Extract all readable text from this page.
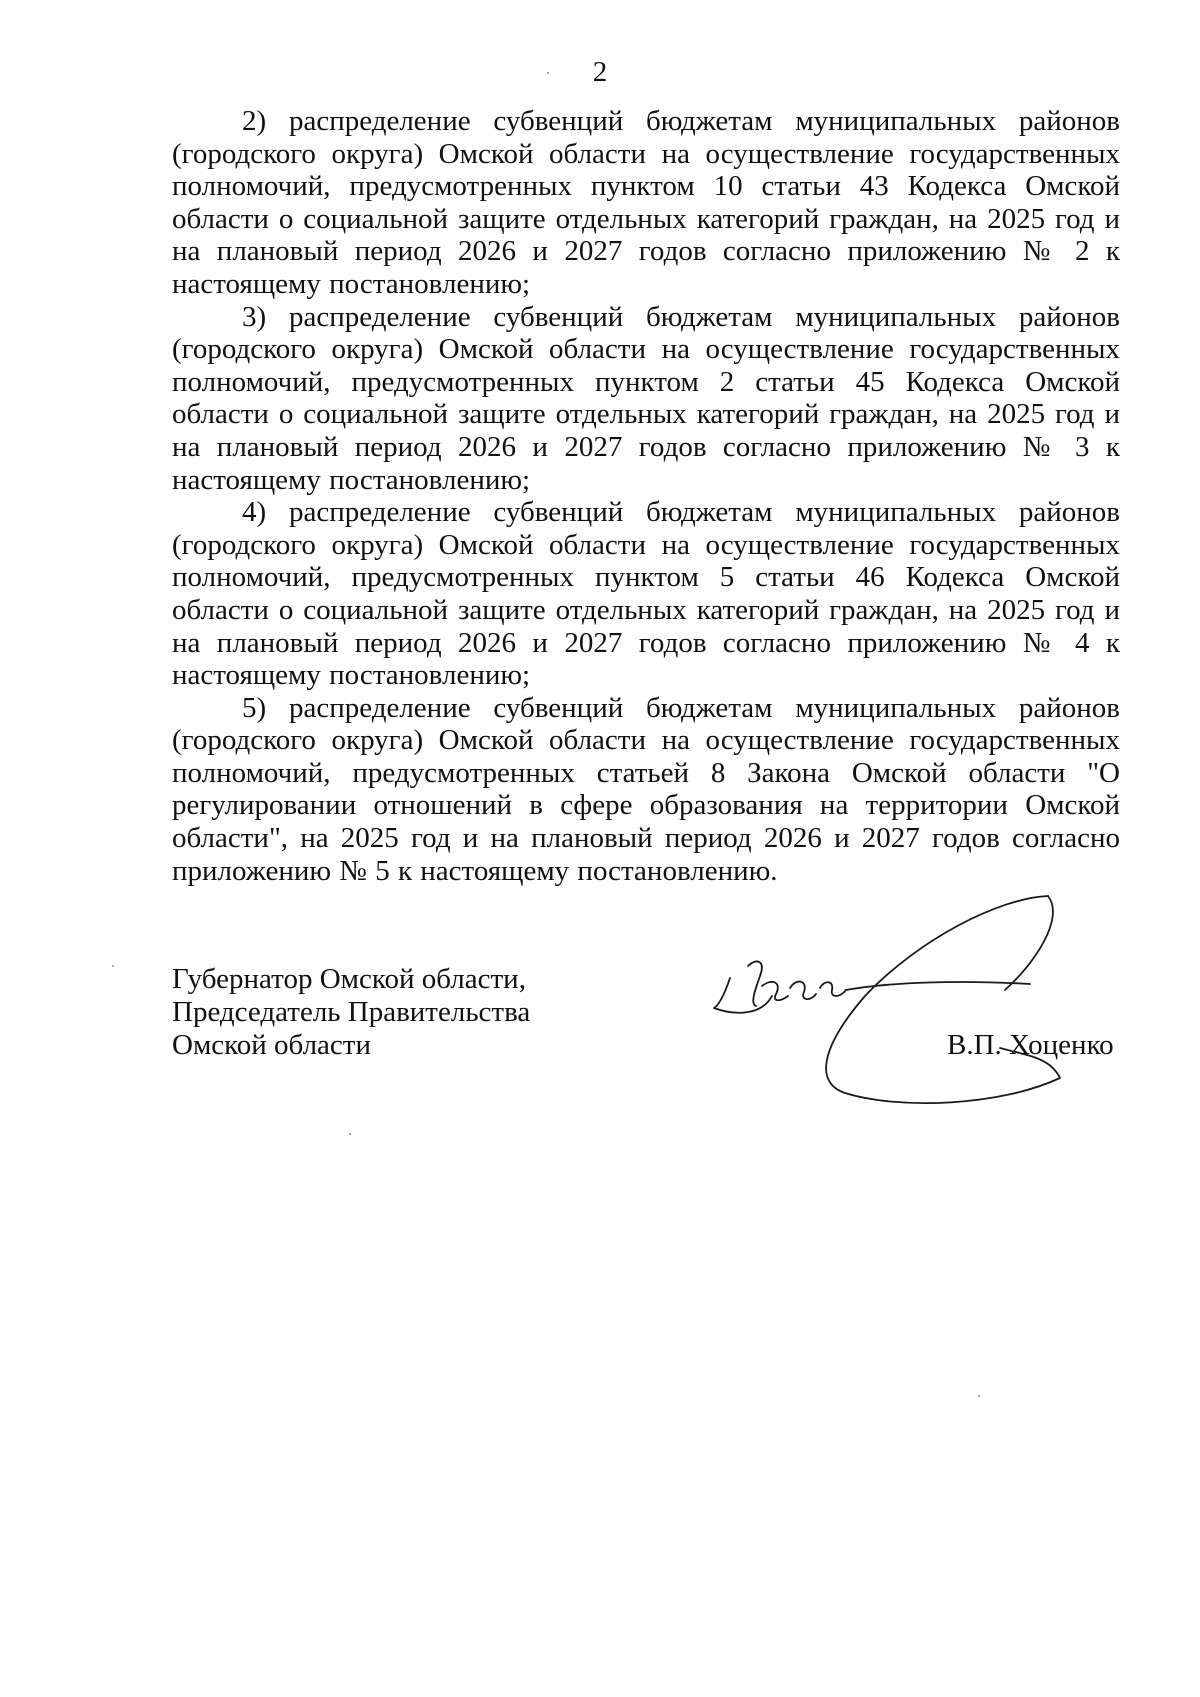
2

2) распределение субвенций бюджетам муниципальных районов (городского округа) Омской области на осуществление государственных полномочий, предусмотренных пунктом 10 статьи 43 Кодекса Омской области о социальной защите отдельных категорий граждан, на 2025 год и на плановый период 2026 и 2027 годов согласно приложению № 2 к настоящему постановлению;

3) распределение субвенций бюджетам муниципальных районов (городского округа) Омской области на осуществление государственных полномочий, предусмотренных пунктом 2 статьи 45 Кодекса Омской области о социальной защите отдельных категорий граждан, на 2025 год и на плановый период 2026 и 2027 годов согласно приложению № 3 к настоящему постановлению;

4) распределение субвенций бюджетам муниципальных районов (городского округа) Омской области на осуществление государственных полномочий, предусмотренных пунктом 5 статьи 46 Кодекса Омской области о социальной защите отдельных категорий граждан, на 2025 год и на плановый период 2026 и 2027 годов согласно приложению № 4 к настоящему постановлению;

5) распределение субвенций бюджетам муниципальных районов (городского округа) Омской области на осуществление государственных полномочий, предусмотренных статьей 8 Закона Омской области "О регулировании отношений в сфере образования на территории Омской области", на 2025 год и на плановый период 2026 и 2027 годов согласно приложению № 5 к настоящему постановлению.

Губернатор Омской области,
Председатель Правительства
Омской области	В.П. Хоценко
